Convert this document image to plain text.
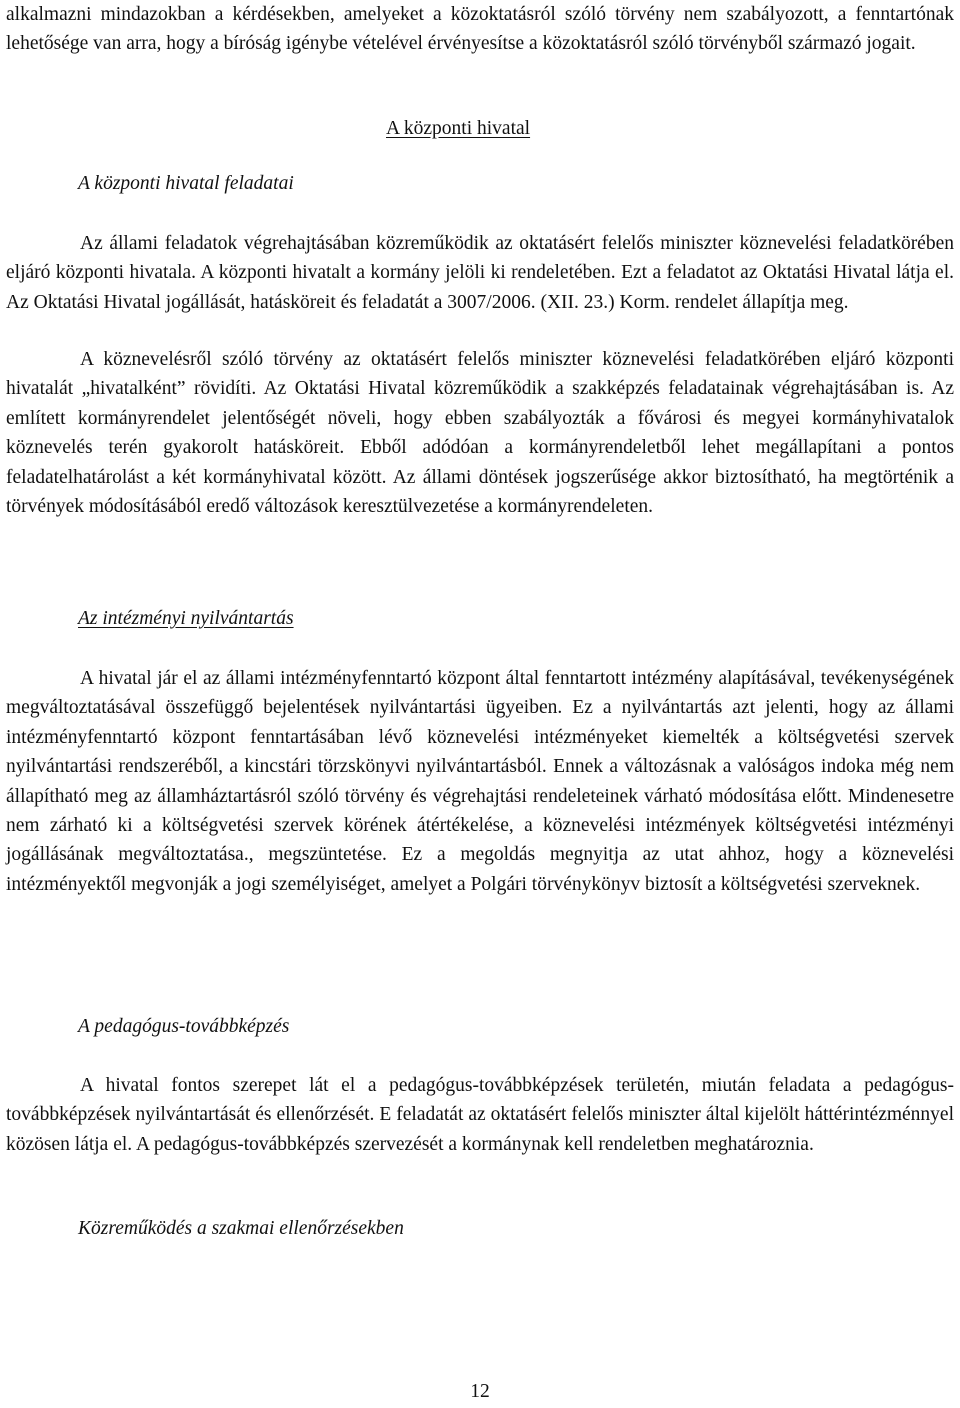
alkalmazni mindazokban a kérdésekben, amelyeket a közoktatásról szóló törvény nem szabályozott, a fenntartónak lehetősége van arra, hogy a bíróság igénybe vételével érvényesítse a közoktatásról szóló törvényből származó jogait.

A központi hivatal

A központi hivatal feladatai

Az állami feladatok végrehajtásában közreműködik az oktatásért felelős miniszter köznevelési feladatkörében eljáró központi hivatala. A központi hivatalt a kormány jelöli ki rendeletében. Ezt a feladatot az Oktatási Hivatal látja el. Az Oktatási Hivatal jogállását, hatásköreit és feladatát a 3007/2006. (XII. 23.) Korm. rendelet állapítja meg.

A köznevelésről szóló törvény az oktatásért felelős miniszter köznevelési feladatkörében eljáró központi hivatalát „hivatalként” rövidíti. Az Oktatási Hivatal közreműködik a szakképzés feladatainak végrehajtásában is. Az említett kormányrendelet jelentőségét növeli, hogy ebben szabályozták a fővárosi és megyei kormányhivatalok köznevelés terén gyakorolt hatásköreit. Ebből adódóan a kormányrendeletből lehet megállapítani a pontos feladatelhatárolást a két kormányhivatal között. Az állami döntések jogszerűsége akkor biztosítható, ha megtörténik a törvények módosításából eredő változások keresztülvezetése a kormányrendeleten.

Az intézményi nyilvántartás

A hivatal jár el az állami intézményfenntartó központ által fenntartott intézmény alapításával, tevékenységének megváltoztatásával összefüggő bejelentések nyilvántartási ügyeiben. Ez a nyilvántartás azt jelenti, hogy az állami intézményfenntartó központ fenntartásában lévő köznevelési intézményeket kiemelték a költségvetési szervek nyilvántartási rendszeréből, a kincstári törzskönyvi nyilvántartásból. Ennek a változásnak a valóságos indoka még nem állapítható meg az államháztartásról szóló törvény és végrehajtási rendeleteinek várható módosítása előtt. Mindenesetre nem zárható ki a költségvetési szervek körének átértékelése, a köznevelési intézmények költségvetési intézményi jogállásának megváltoztatása., megszüntetése. Ez a megoldás megnyitja az utat ahhoz, hogy a köznevelési intézményektől megvonják a jogi személyiséget, amelyet a Polgári törvénykönyv biztosít a költségvetési szerveknek.

A pedagógus-továbbképzés

A hivatal fontos szerepet lát el a pedagógus-továbbképzések területén, miután feladata a pedagógus-továbbképzések nyilvántartását és ellenőrzését. E feladatát az oktatásért felelős miniszter által kijelölt háttérintézménnyel közösen látja el. A pedagógus-továbbképzés szervezését a kormánynak kell rendeletben meghatároznia.

Közreműködés a szakmai ellenőrzésekben

12
